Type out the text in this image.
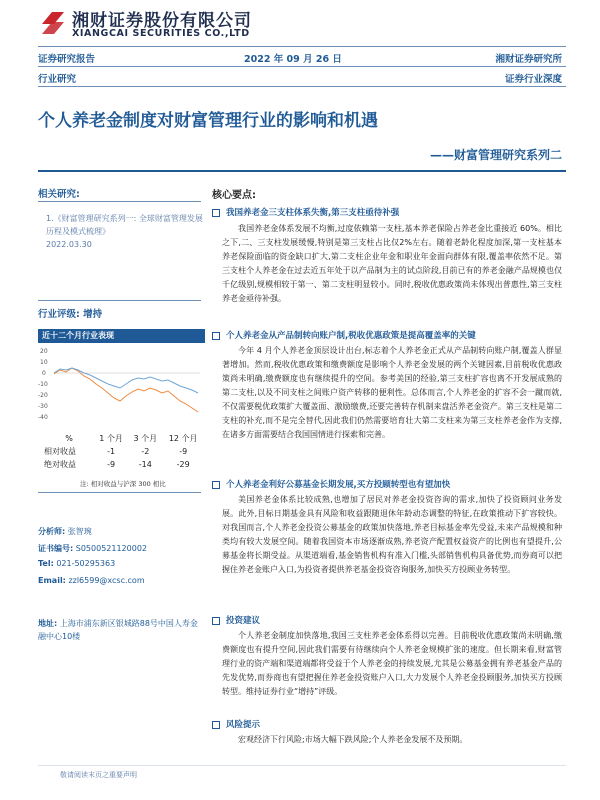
湘财证券股份有限公司
XIANGCAI SECURITIES CO.,LTD
证券研究报告	2022 年 09 月 26 日	湘财证券研究所
行业研究	证券行业深度
个人养老金制度对财富管理行业的影响和机遇
——财富管理研究系列二
相关研究:
1.《财富管理研究系列一: 全球财富管理发展历程及模式梳理》
2022.03.30
行业评级: 增持
近十二个月行业表现
20
10
0
-10
-20
-30
-40
%	1 个月	3 个月	12 个月
相对收益	-1	-2	-9
绝对收益	-9	-14	-29
注: 相对收益与沪深 300 相比
分析师: 张智琬
证书编号: S0500521120002
Tel: 021-50295363
Email: zzl6599@xcsc.com
地址: 上海市浦东新区银城路88号中国人寿金融中心10楼
核心要点:
我国养老金三支柱体系失衡,第三支柱亟待补强
我国养老金体系发展不均衡,过度依赖第一支柱,基本养老保险占养老金比重接近 60%。相比之下,二、三支柱发展缓慢,特别是第三支柱占比仅2%左右。随着老龄化程度加深,第一支柱基本养老保险面临的资金缺口扩大,第二支柱企业年金和职业年金面向群体有限,覆盖率依然不足。第三支柱个人养老金在过去近五年处于以产品制为主的试点阶段,目前已有的养老金融产品规模也仅千亿级别,规模相较于第一、第二支柱明显较小。同时,税收优惠政策尚未体现出普惠性,第三支柱养老金亟待补强。
个人养老金从产品制转向账户制,税收优惠政策是提高覆盖率的关键
今年 4 月个人养老金顶层设计出台,标志着个人养老金正式从产品制转向账户制,覆盖人群显著增加。然而,税收优惠政策和缴费额度是影响个人养老金发展的两个关键因素,目前税收优惠政策尚未明确,缴费额度也有继续提升的空间。参考美国的经验,第三支柱扩容也离不开发展成熟的第二支柱,以及不同支柱之间账户资产转移的便利性。总体而言,个人养老金的扩容不会一蹴而就,不仅需要税优政策扩大覆盖面、激励缴费,还要完善转存机制来盘活养老金资产。第三支柱是第二支柱的补充,而不是完全替代,因此我们仍然需要培育壮大第二支柱来为第三支柱养老金作为支撑,在诸多方面需要结合我国国情进行探索和完善。
个人养老金利好公募基金长期发展,买方投顾转型也有望加快
美国养老金体系比较成熟,也增加了居民对养老金投资咨询的需求,加快了投资顾问业务发展。此外,目标日期基金具有风险和收益跟随退休年龄动态调整的特征,在政策推动下扩容较快。对我国而言,个人养老金投资公募基金的政策加快落地,养老目标基金率先受益,未来产品规模和种类均有较大发展空间。随着我国资本市场逐渐成熟,养老资产配置权益资产的比例也有望提升,公募基金将长期受益。从渠道端看,基金销售机构有准入门槛,头部销售机构具备优势,而券商可以把握住养老金账户入口,为投资者提供养老基金投资咨询服务,加快买方投顾业务转型。
投资建议
个人养老金制度加快落地,我国三支柱养老金体系得以完善。目前税收优惠政策尚未明确,缴费额度也有提升空间,因此我们需要有待继续向个人养老金规模扩张的速度。但长期来看,财富管理行业的资产端和渠道端都将受益于个人养老金的持续发展,尤其是公募基金拥有养老基金产品的先发优势,而券商也有望把握住养老金投资账户入口,大力发展个人养老金投顾服务,加快买方投顾转型。维持证券行业“增持”评级。
风险提示
宏观经济下行风险;市场大幅下跌风险;个人养老金发展不及预期。
敬请阅读末页之重要声明
